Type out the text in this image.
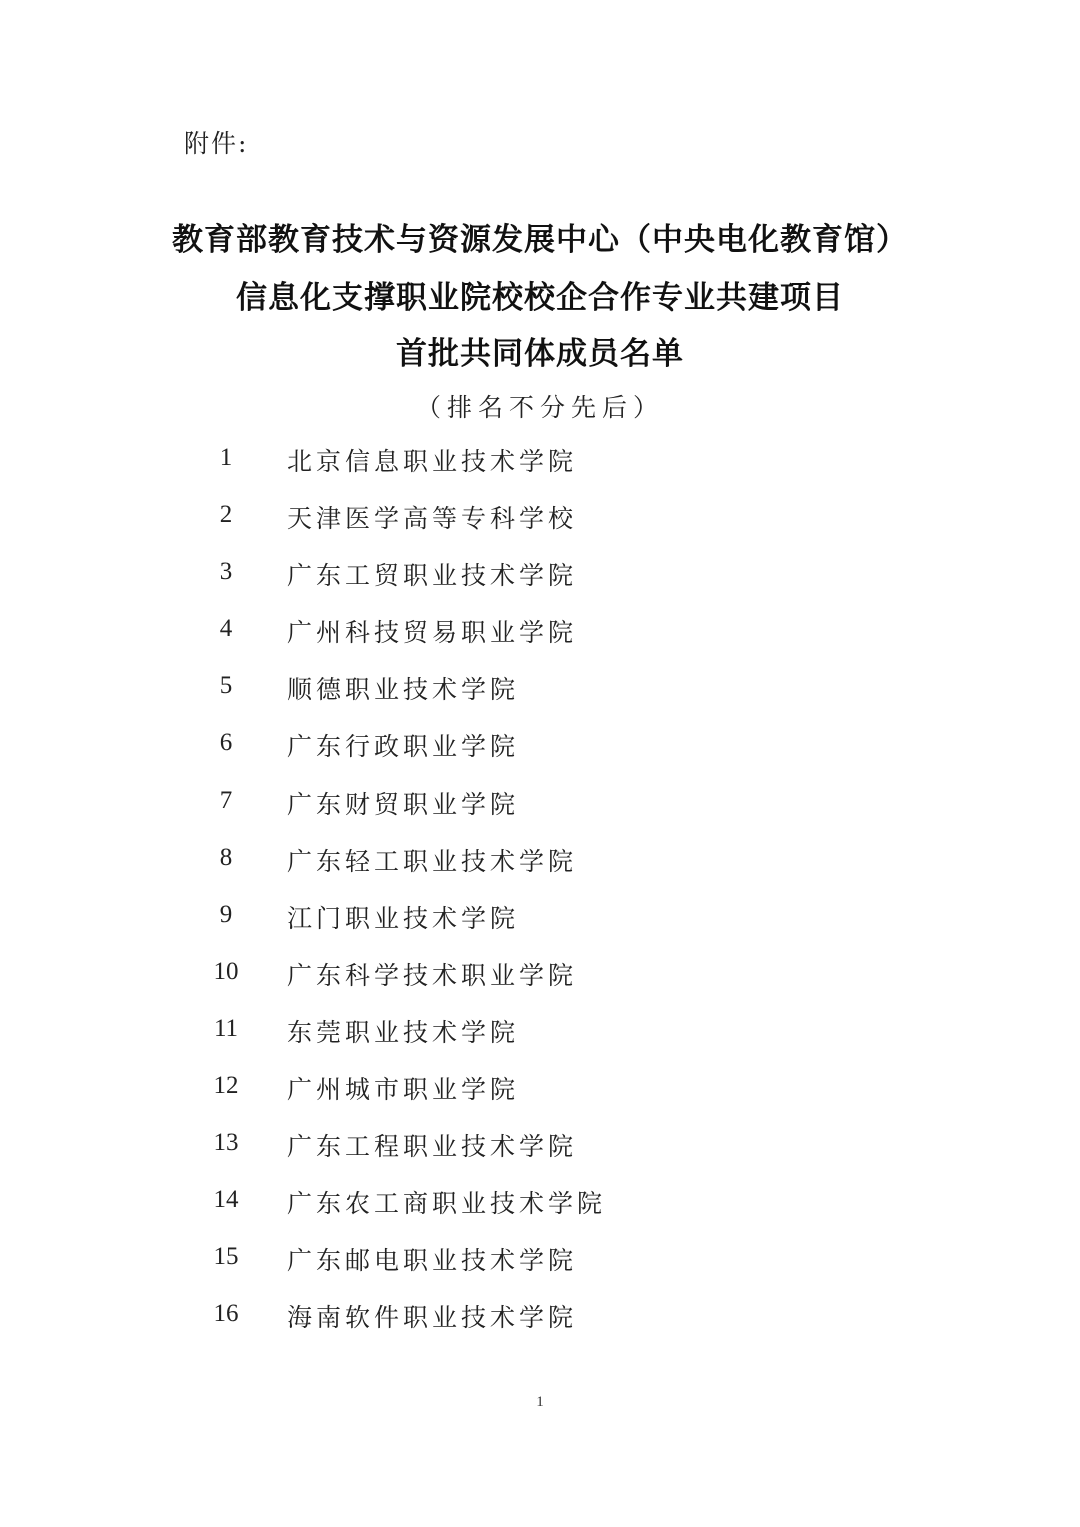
附件:
教育部教育技术与资源发展中心（中央电化教育馆）
信息化支撑职业院校校企合作专业共建项目
首批共同体成员名单
（排名不分先后）
1	北京信息职业技术学院
2	天津医学高等专科学校
3	广东工贸职业技术学院
4	广州科技贸易职业学院
5	顺德职业技术学院
6	广东行政职业学院
7	广东财贸职业学院
8	广东轻工职业技术学院
9	江门职业技术学院
10	广东科学技术职业学院
11	东莞职业技术学院
12	广州城市职业学院
13	广东工程职业技术学院
14	广东农工商职业技术学院
15	广东邮电职业技术学院
16	海南软件职业技术学院
1
